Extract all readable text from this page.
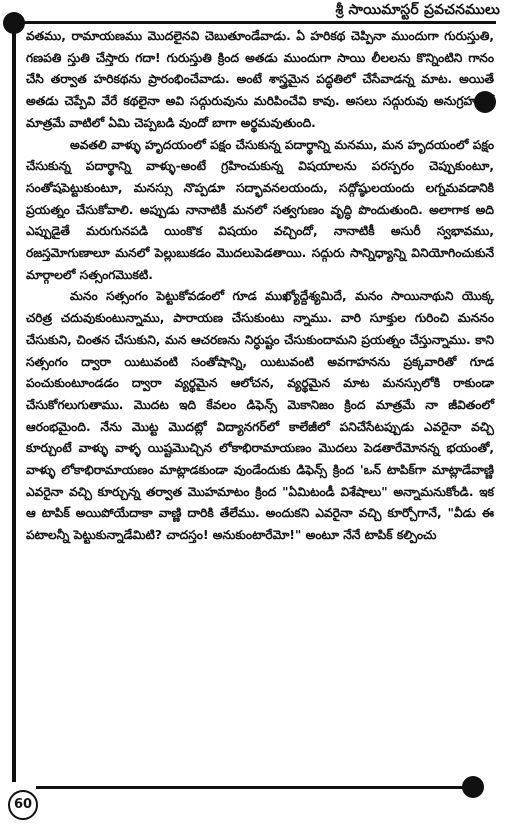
శ్రీ సాయిమాస్టర్ ప్రవచనములు

వతము, రామాయణము మొదలైనవి చెబుతూండేవాడు. ఏ హరికథ చెప్పినా ముందుగా గురుస్తుతి, గణపతి స్తుతి చేస్తారు గదా! గురుస్తుతి క్రింద అతడు ముందుగా సాయి లీలలను కొన్నింటిని గానం చేసి తర్వాత హరికథను ప్రారంభించేవాడు. అంటే శాస్త్రమైన పద్ధతిలో చేసేవాడన్న మాట. అయితే అతడు చెప్పేవి వేరే కథలైనా అవి సద్గురువును మరిపించేవి కావు. అసలు సద్గురువు అనుగ్రహంతో మాత్రమే వాటిలో ఏమి చెప్పబడి వుందో బాగా అర్థమవుతుంది.

అవతలి వాళ్ళు హృదయంలో పక్షం చేసుకున్న పదార్థాన్ని మనము, మన హృదయంలో పక్షం చేసుకున్న పదార్థాన్ని వాళ్ళు-అంటే గ్రహించుకున్న విషయాలను పరస్పరం చెప్పుకుంటూ, సంతోషపెట్టుకుంటూ, మనస్సు నొప్పడూ సద్భావనలయందు, సద్గోష్ఠులయందు లగ్నమవడానికి ప్రయత్నం చేసుకోవాలి. అప్పుడు నానాటికీ మనలో సత్వగుణం వృద్ధి పొందుతుంది. అలాగాక అది ఎప్పుడైతే మరుగునపడి యింకొక విషయం వచ్చిందో, నానాటికీ అసురీ స్వభావము, రజస్తమోగుణాలూ మనలో పెల్లుబుకడం మొదలుపెడతాయి. సద్గురు సాన్నిధ్యాన్ని వినియోగించుకునే మార్గాలలో సత్సంగమొకటి.

మనం సత్సంగం పెట్టుకోవడంలో గూడ ముఖ్యోద్దేశ్యమిదే, మనం సాయినాథుని యొక్క చరిత్ర చదువుకుంటున్నాము, పారాయణ చేసుకుంటు న్నాము. వారి సూక్తుల గురించి మననం చేసుకుని, చింతన చేసుకుని, మన ఆచరణను నిర్ధుష్టం చేసుకుందామని ప్రయత్నం చేస్తున్నాము. కాని సత్సంగం ద్వారా యిటువంటి సంతోషాన్ని, యిటువంటి అవగాహనను ప్రక్కవారితో గూడ పంచుకుంటూండడం ద్వారా వ్యర్థమైన ఆలోచన, వ్యర్థమైన మాట మనస్సులోకి రాకుండా చేసుకోగలుగుతాము. మొదట ఇది కేవలం డిఫెన్స్ మెకానిజం క్రింద మాత్రమే నా జీవితంలో ఆరంభమైంది. నేను మొట్ట మొదట్లో విద్యానగర్‌లో కాలేజీలో పనిచేసేటప్పుడు ఎవరైనా వచ్చి కూర్చుంటే వాళ్ళు వాళ్ళ యిష్టమొచ్చిన లోకాభిరామాయణం మొదలు పెడతారేమోనన్న భయంతో, వాళ్ళు లోకాభిరామాయణం మాట్లాడకుండా వుండేందుకు డిఫెన్స్ క్రింద 'ఒన్ టాపిక్‌గా మాట్లాడేవాణ్ణి ఎవరైనా వచ్చి కూర్చున్న తర్వాత మొహమాటం క్రింద "ఏమిటండీ విశేషాలు" అన్నామనుకోండి. ఇక ఆ టాపిక్ అయిపోయేదాకా వాణ్ణి దారికి తేలేము. అందుకని ఎవరైనా వచ్చి కూర్చోగానే, "వీడు ఈ పటాలన్నీ పెట్టుకున్నాడేమిటి? చాదస్తం! అనుకుంటారేమో!" అంటూ నేనే టాపిక్ కల్పించు

60
